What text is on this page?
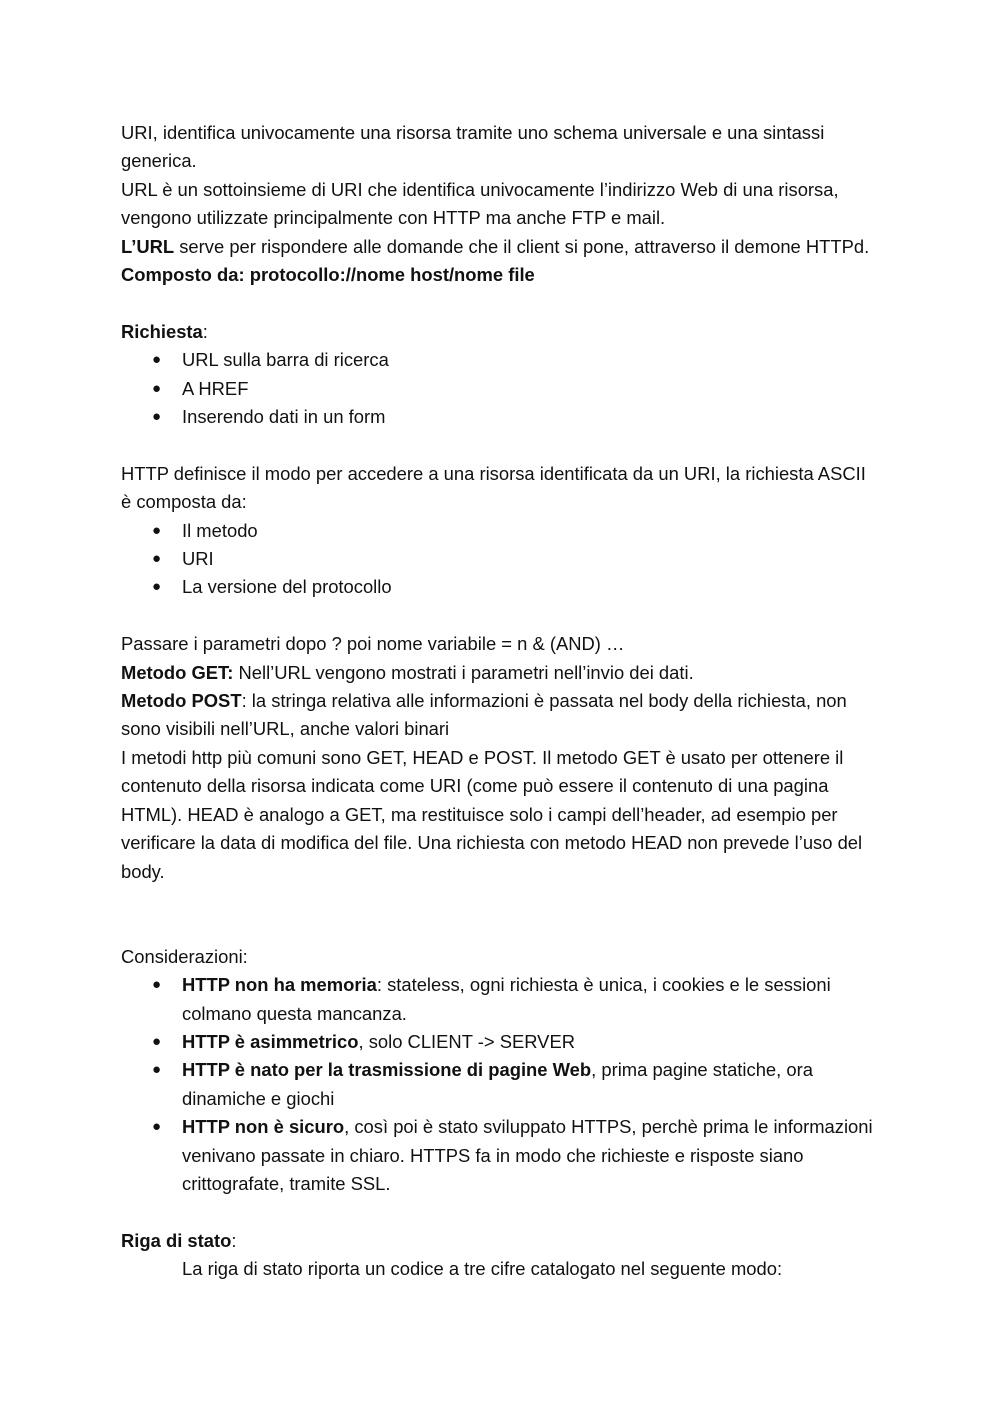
URI, identifica univocamente una risorsa tramite uno schema universale e una sintassi generica.

URL è un sottoinsieme di URI che identifica univocamente l’indirizzo Web di una risorsa, vengono utilizzate principalmente con HTTP ma anche FTP e mail.

L’URL serve per rispondere alle domande che il client si pone, attraverso il demone HTTPd.

Composto da: protocollo://nome host/nome file

Richiesta:

● URL sulla barra di ricerca
● A HREF
● Inserendo dati in un form

HTTP definisce il modo per accedere a una risorsa identificata da un URI, la richiesta ASCII è composta da:

● Il metodo
● URI
● La versione del protocollo

Passare i parametri dopo ? poi nome variabile = n & (AND) …

Metodo GET: Nell’URL vengono mostrati i parametri nell’invio dei dati.

Metodo POST: la stringa relativa alle informazioni è passata nel body della richiesta, non sono visibili nell’URL, anche valori binari

I metodi http più comuni sono GET, HEAD e POST. Il metodo GET è usato per ottenere il contenuto della risorsa indicata come URI (come può essere il contenuto di una pagina HTML). HEAD è analogo a GET, ma restituisce solo i campi dell’header, ad esempio per verificare la data di modifica del file. Una richiesta con metodo HEAD non prevede l’uso del body.

Considerazioni:

● HTTP non ha memoria: stateless, ogni richiesta è unica, i cookies e le sessioni colmano questa mancanza.
● HTTP è asimmetrico, solo CLIENT -> SERVER
● HTTP è nato per la trasmissione di pagine Web, prima pagine statiche, ora dinamiche e giochi
● HTTP non è sicuro, così poi è stato sviluppato HTTPS, perchè prima le informazioni venivano passate in chiaro. HTTPS fa in modo che richieste e risposte siano crittografate, tramite SSL.

Riga di stato:

La riga di stato riporta un codice a tre cifre catalogato nel seguente modo:
